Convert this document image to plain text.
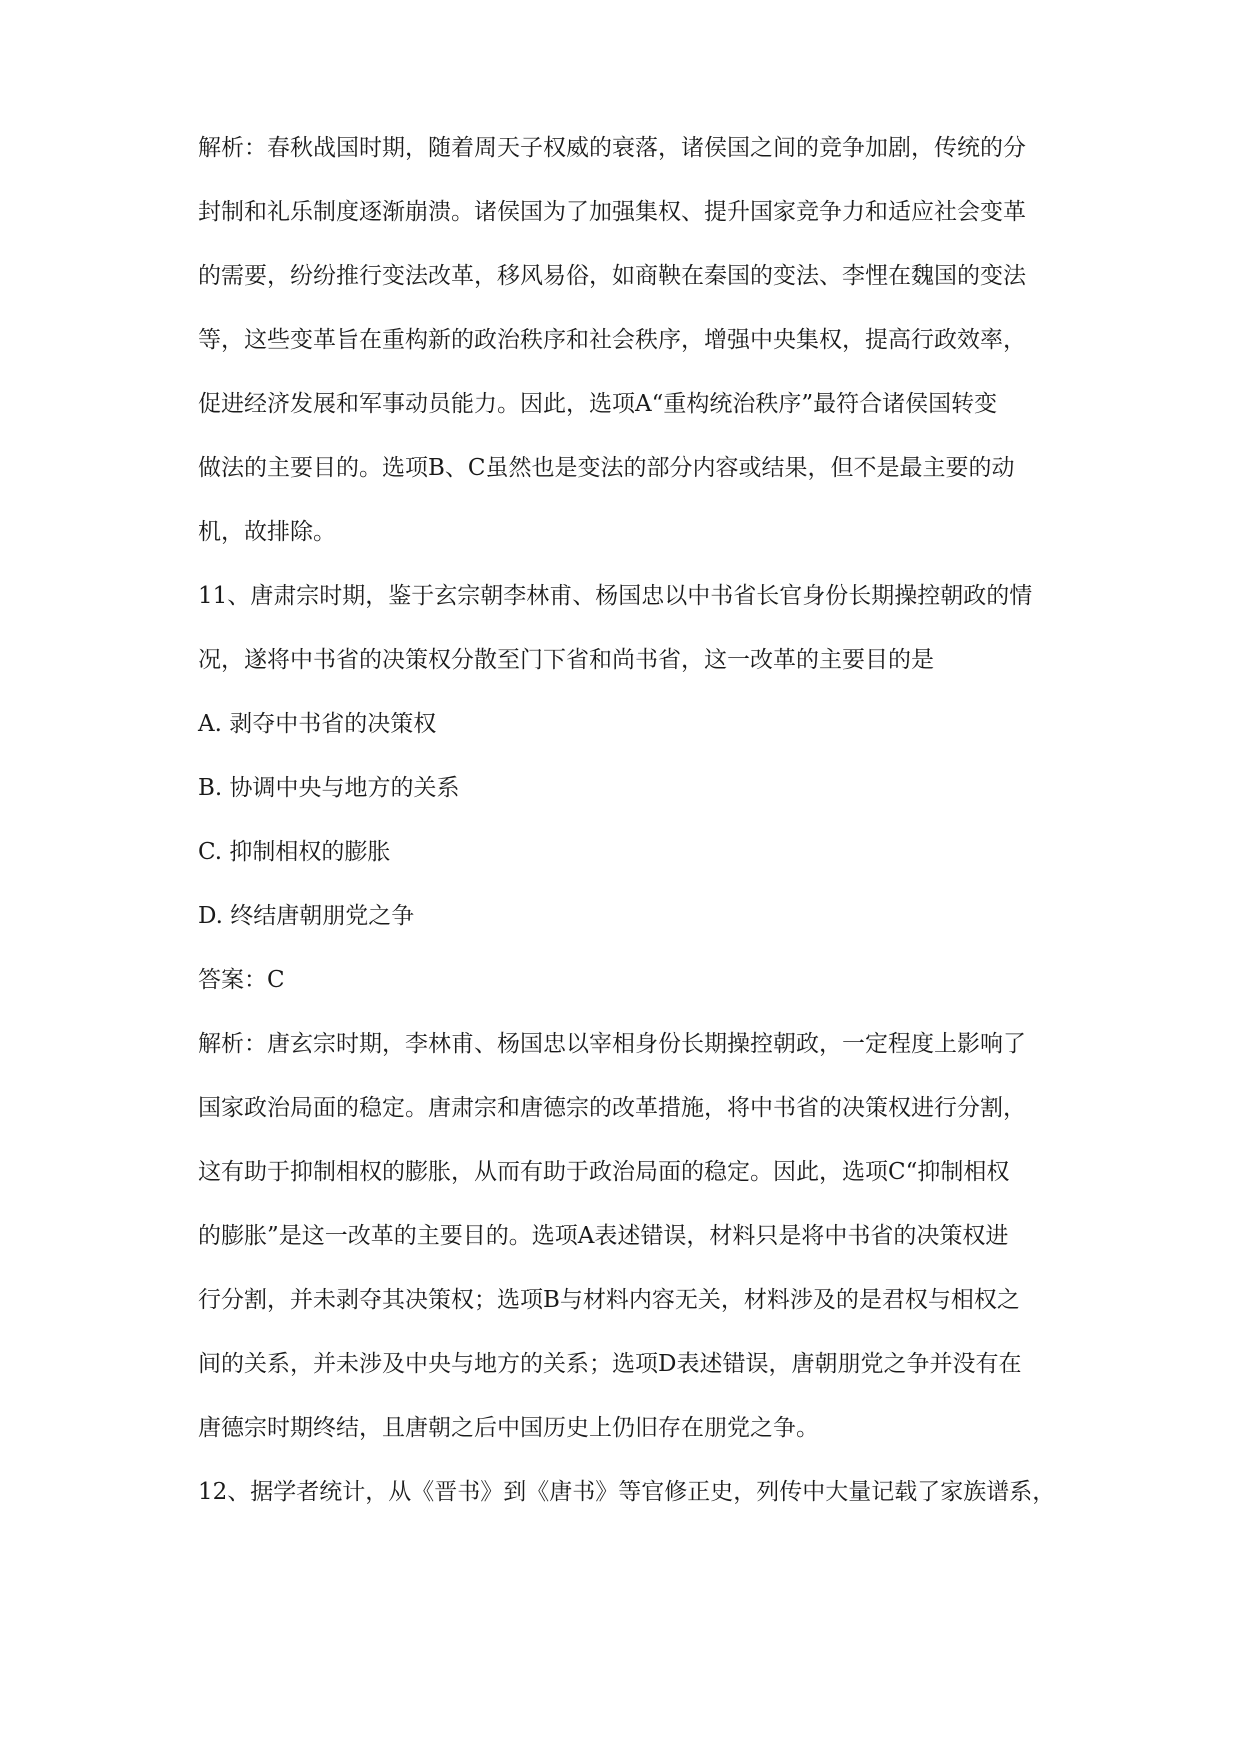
解析：春秋战国时期，随着周天子权威的衰落，诸侯国之间的竞争加剧，传统的分
封制和礼乐制度逐渐崩溃。诸侯国为了加强集权、提升国家竞争力和适应社会变革
的需要，纷纷推行变法改革，移风易俗，如商鞅在秦国的变法、李悝在魏国的变法
等，这些变革旨在重构新的政治秩序和社会秩序，增强中央集权，提高行政效率，
促进经济发展和军事动员能力。因此，选项A“重构统治秩序”最符合诸侯国转变
做法的主要目的。选项B、C虽然也是变法的部分内容或结果，但不是最主要的动
机，故排除。
11、唐肃宗时期，鉴于玄宗朝李林甫、杨国忠以中书省长官身份长期操控朝政的情
况，遂将中书省的决策权分散至门下省和尚书省，这一改革的主要目的是
A. 剥夺中书省的决策权
B. 协调中央与地方的关系
C. 抑制相权的膨胀
D. 终结唐朝朋党之争
答案：C
解析：唐玄宗时期，李林甫、杨国忠以宰相身份长期操控朝政，一定程度上影响了
国家政治局面的稳定。唐肃宗和唐德宗的改革措施，将中书省的决策权进行分割，
这有助于抑制相权的膨胀，从而有助于政治局面的稳定。因此，选项C“抑制相权
的膨胀”是这一改革的主要目的。选项A表述错误，材料只是将中书省的决策权进
行分割，并未剥夺其决策权；选项B与材料内容无关，材料涉及的是君权与相权之
间的关系，并未涉及中央与地方的关系；选项D表述错误，唐朝朋党之争并没有在
唐德宗时期终结，且唐朝之后中国历史上仍旧存在朋党之争。
12、据学者统计，从《晋书》到《唐书》等官修正史，列传中大量记载了家族谱系，
